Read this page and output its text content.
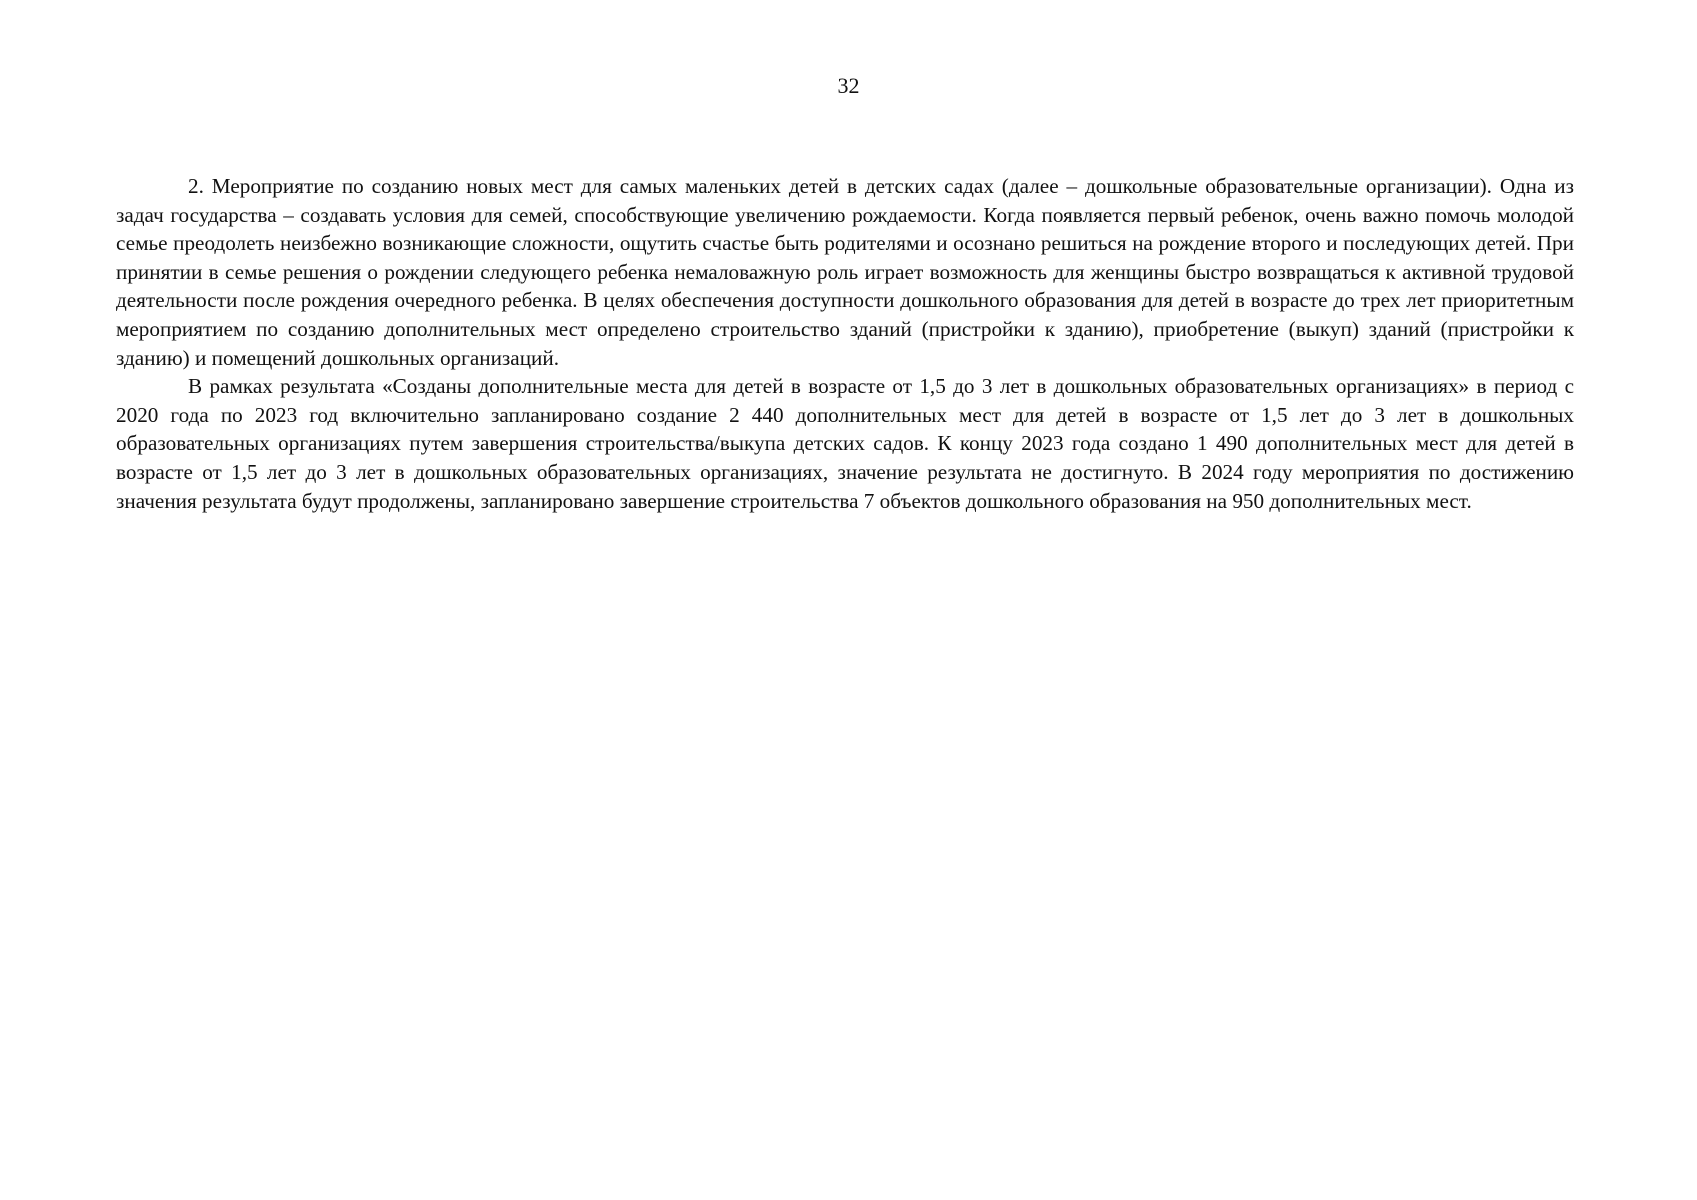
32

2. Мероприятие по созданию новых мест для самых маленьких детей в детских садах (далее – дошкольные образовательные организации). Одна из задач государства – создавать условия для семей, способствующие увеличению рождаемости. Когда появляется первый ребенок, очень важно помочь молодой семье преодолеть неизбежно возникающие сложности, ощутить счастье быть родителями и осознано решиться на рождение второго и последующих детей. При принятии в семье решения о рождении следующего ребенка немаловажную роль играет возможность для женщины быстро возвращаться к активной трудовой деятельности после рождения очередного ребенка. В целях обеспечения доступности дошкольного образования для детей в возрасте до трех лет приоритетным мероприятием по созданию дополнительных мест определено строительство зданий (пристройки к зданию), приобретение (выкуп) зданий (пристройки к зданию) и помещений дошкольных организаций.

В рамках результата «Созданы дополнительные места для детей в возрасте от 1,5 до 3 лет в дошкольных образовательных организациях» в период с 2020 года по 2023 год включительно запланировано создание 2 440 дополнительных мест для детей в возрасте от 1,5 лет до 3 лет в дошкольных образовательных организациях путем завершения строительства/выкупа детских садов. К концу 2023 года создано 1 490 дополнительных мест для детей в возрасте от 1,5 лет до 3 лет в дошкольных образовательных организациях, значение результата не достигнуто. В 2024 году мероприятия по достижению значения результата будут продолжены, запланировано завершение строительства 7 объектов дошкольного образования на 950 дополнительных мест.
